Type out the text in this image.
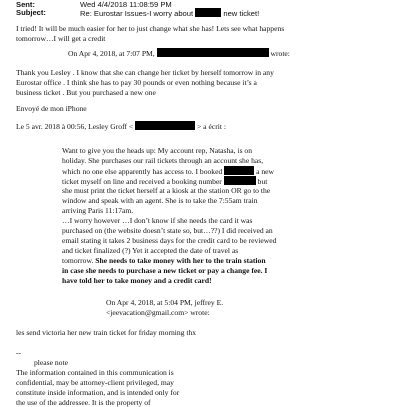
Sent:	Wed 4/4/2018 11:08:59 PM
Subject:	Re: Eurostar Issues-I worry about	new ticket!
I tried! It will be much easier for her to just change what she has! Lets see what happens
tomorrow…I will get a credit
On Apr 4, 2018, at 7:07 PM,	wrote:
Thank you Lesley . I know that she can change her ticket by herself tomorrow in any
Eurostar office . I think she has to pay 30 pounds or even nothing because it’s a
business ticket . But you purchased a new one
Envoyé de mon iPhone
Le 5 avr. 2018 à 00:56, Lesley Groff <	> a écrit :
Want to give you the heads up: My account rep, Natasha, is on
holiday. She purchases our rail tickets through an account she has,
which no one else apparently has access to. I booked	a new
ticket myself on line and received a booking number	but
she must print the ticket herself at a kiosk at the station OR go to the
window and speak with an agent. She is to take the 7:55am train
arriving Paris 11:17am.
…I worry however …I don’t know if she needs the card it was
purchased on (the website doesn’t state so, but…??) I did received an
email stating it takes 2 business days for the credit card to be reviewed
and ticket finalized (?) Yet it accepted the date of travel as
tomorrow. She needs to take money with her to the train station
in case she needs to purchase a new ticket or pay a change fee. I
have told her to take money and a credit card!
On Apr 4, 2018, at 5:04 PM, jeffrey E.
<jeevacation@gmail.com> wrote:
les send victoria her new train ticket for friday morning thx
--
please note
The information contained in this communication is
confidential, may be attorney-client privileged, may
constitute inside information, and is intended only for
the use of the addressee. It is the property of
